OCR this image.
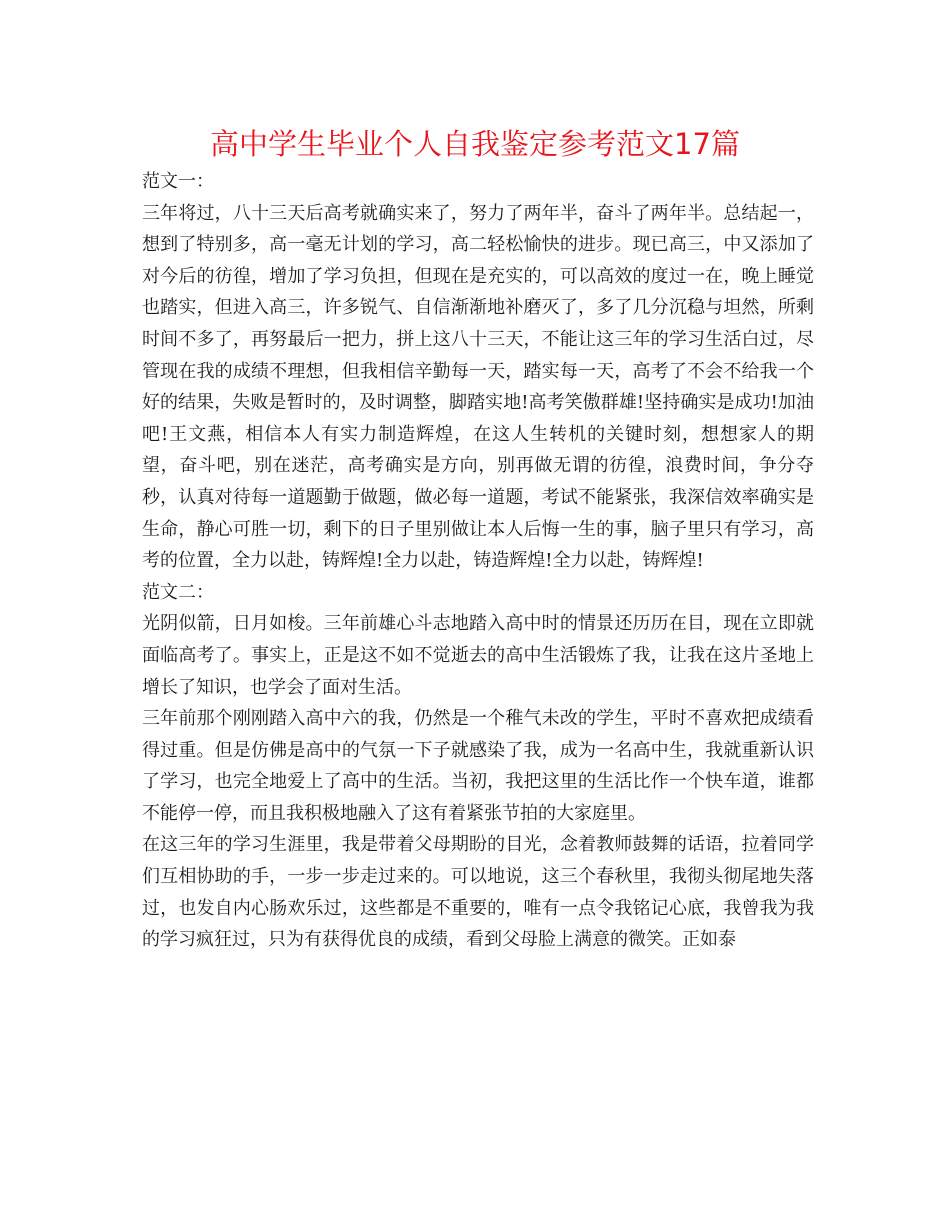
高中学生毕业个人自我鉴定参考范文17篇

范文一：

三年将过，八十三天后高考就确实来了，努力了两年半，奋斗了两年半。总结起一，想到了特别多，高一毫无计划的学习，高二轻松愉快的进步。现已高三，中又添加了对今后的彷徨，增加了学习负担，但现在是充实的，可以高效的度过一在，晚上睡觉也踏实，但进入高三，许多锐气、自信渐渐地补磨灭了，多了几分沉稳与坦然，所剩时间不多了，再努最后一把力，拼上这八十三天，不能让这三年的学习生活白过，尽管现在我的成绩不理想，但我相信辛勤每一天，踏实每一天，高考了不会不给我一个好的结果，失败是暂时的，及时调整，脚踏实地!高考笑傲群雄!坚持确实是成功!加油吧!王文燕，相信本人有实力制造辉煌，在这人生转机的关键时刻，想想家人的期望，奋斗吧，别在迷茫，高考确实是方向，别再做无谓的彷徨，浪费时间，争分夺秒，认真对待每一道题勤于做题，做必每一道题，考试不能紧张，我深信效率确实是生命，静心可胜一切，剩下的日子里别做让本人后悔一生的事，脑子里只有学习，高考的位置，全力以赴，铸辉煌!全力以赴，铸造辉煌!全力以赴，铸辉煌!

范文二：

光阴似箭，日月如梭。三年前雄心斗志地踏入高中时的情景还历历在目，现在立即就面临高考了。事实上，正是这不如不觉逝去的高中生活锻炼了我，让我在这片圣地上增长了知识，也学会了面对生活。

三年前那个刚刚踏入高中六的我，仍然是一个稚气未改的学生，平时不喜欢把成绩看得过重。但是仿佛是高中的气氛一下子就感染了我，成为一名高中生，我就重新认识了学习，也完全地爱上了高中的生活。当初，我把这里的生活比作一个快车道，谁都不能停一停，而且我积极地融入了这有着紧张节拍的大家庭里。

在这三年的学习生涯里，我是带着父母期盼的目光，念着教师鼓舞的话语，拉着同学们互相协助的手，一步一步走过来的。可以地说，这三个春秋里，我彻头彻尾地失落过，也发自内心肠欢乐过，这些都是不重要的，唯有一点令我铭记心底，我曾我为我的学习疯狂过，只为有获得优良的成绩，看到父母脸上满意的微笑。正如泰
